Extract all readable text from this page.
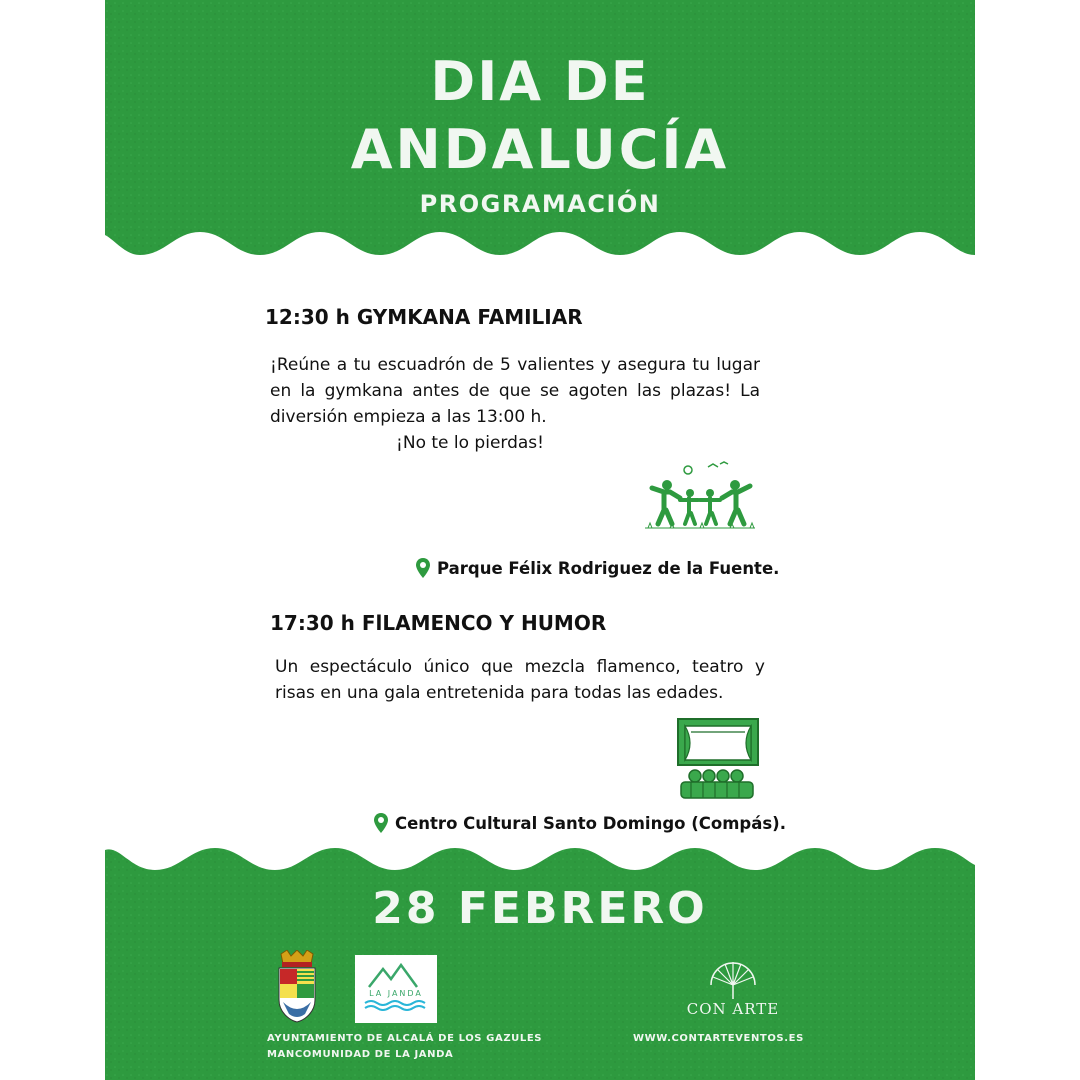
DIA DE
ANDALUCÍA
PROGRAMACIÓN
12:30 h GYMKANA FAMILIAR
¡Reúne a tu escuadrón de 5 valientes y asegura tu lugar en la gymkana antes de que se agoten las plazas! La diversión empieza a las 13:00 h.
¡No te lo pierdas!
Parque Félix Rodriguez de la Fuente.
17:30 h FlLAMENCO Y HUMOR
Un espectáculo único que mezcla flamenco, teatro y risas en una gala entretenida para todas las edades.
Centro Cultural Santo Domingo (Compás).
28 FEBRERO
LA JANDA
CON ARTE
AYUNTAMIENTO DE ALCALÁ DE LOS GAZULES
MANCOMUNIDAD DE LA JANDA
WWW.CONTARTEVENTOS.ES
